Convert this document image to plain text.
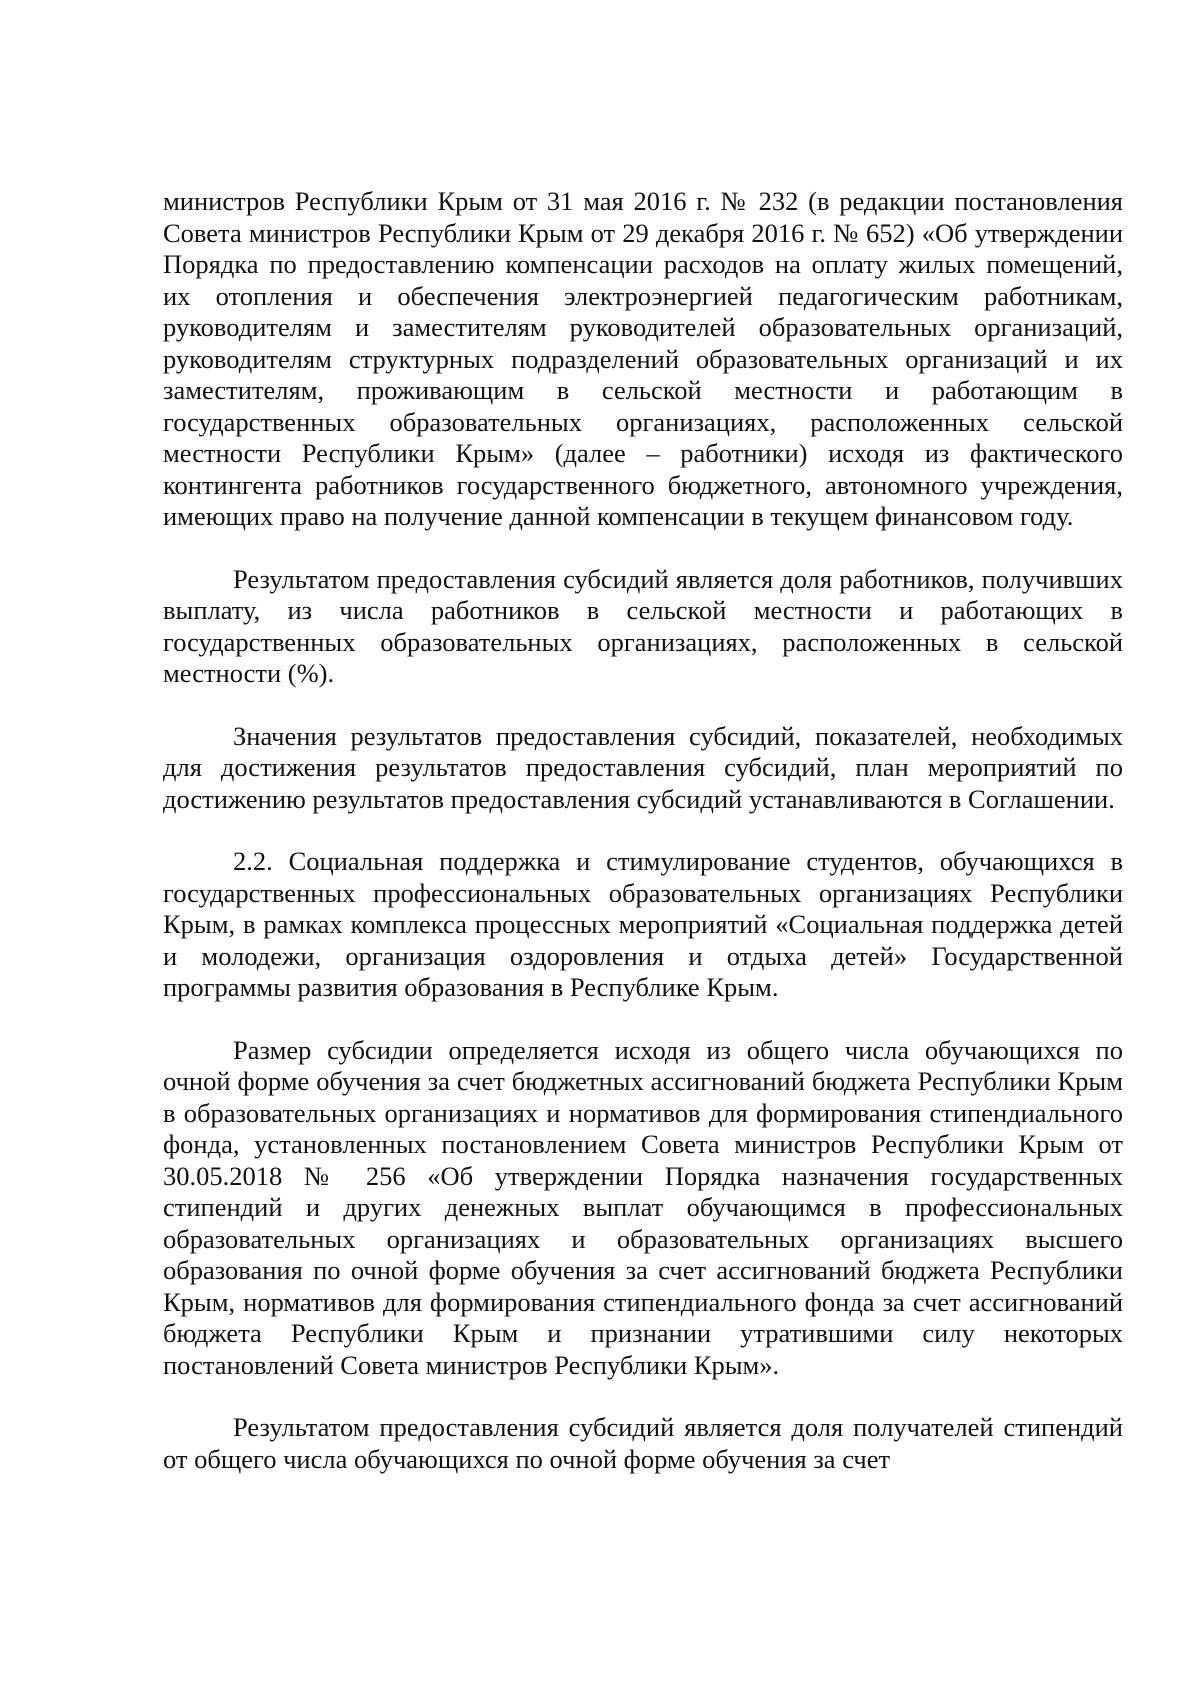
министров Республики Крым от 31 мая 2016 г. № 232 (в редакции постановления Совета министров Республики Крым от 29 декабря 2016 г. № 652) «Об утверждении Порядка по предоставлению компенсации расходов на оплату жилых помещений, их отопления и обеспечения электроэнергией педагогическим работникам, руководителям и заместителям руководителей образовательных организаций, руководителям структурных подразделений образовательных организаций и их заместителям, проживающим в сельской местности и работающим в государственных образовательных организациях, расположенных сельской местности Республики Крым» (далее – работники) исходя из фактического контингента работников государственного бюджетного, автономного учреждения, имеющих право на получение данной компенсации в текущем финансовом году.

Результатом предоставления субсидий является доля работников, получивших выплату, из числа работников в сельской местности и работающих в государственных образовательных организациях, расположенных в сельской местности (%).

Значения результатов предоставления субсидий, показателей, необходимых для достижения результатов предоставления субсидий, план мероприятий по достижению результатов предоставления субсидий устанавливаются в Соглашении.

2.2. Социальная поддержка и стимулирование студентов, обучающихся в государственных профессиональных образовательных организациях Республики Крым, в рамках комплекса процессных мероприятий «Социальная поддержка детей и молодежи, организация оздоровления и отдыха детей» Государственной программы развития образования в Республике Крым.

Размер субсидии определяется исходя из общего числа обучающихся по очной форме обучения за счет бюджетных ассигнований бюджета Республики Крым в образовательных организациях и нормативов для формирования стипендиального фонда, установленных постановлением Совета министров Республики Крым от 30.05.2018 № 256 «Об утверждении Порядка назначения государственных стипендий и других денежных выплат обучающимся в профессиональных образовательных организациях и образовательных организациях высшего образования по очной форме обучения за счет ассигнований бюджета Республики Крым, нормативов для формирования стипендиального фонда за счет ассигнований бюджета Республики Крым и признании утратившими силу некоторых постановлений Совета министров Республики Крым».

Результатом предоставления субсидий является доля получателей стипендий от общего числа обучающихся по очной форме обучения за счет
